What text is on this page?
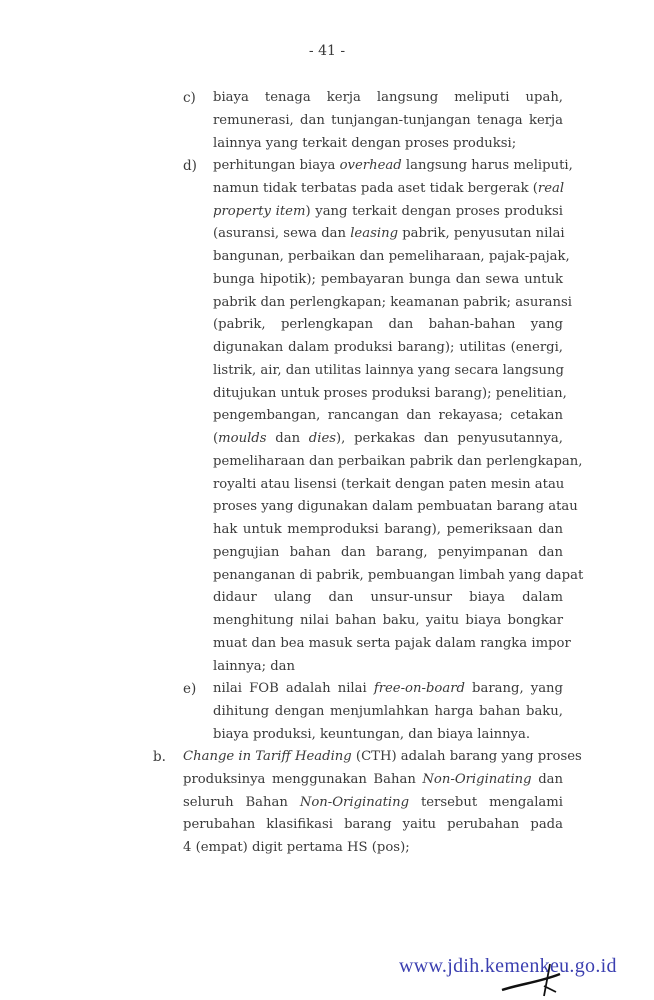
- 41 -
c) biaya tenaga kerja langsung meliputi upah,
remunerasi, dan tunjangan-tunjangan tenaga kerja
lainnya yang terkait dengan proses produksi;
d) perhitungan biaya overhead langsung harus meliputi,
namun tidak terbatas pada aset tidak bergerak (real
property item) yang terkait dengan proses produksi
(asuransi, sewa dan leasing pabrik, penyusutan nilai
bangunan, perbaikan dan pemeliharaan, pajak-pajak,
bunga hipotik); pembayaran bunga dan sewa untuk
pabrik dan perlengkapan; keamanan pabrik; asuransi
(pabrik, perlengkapan dan bahan-bahan yang
digunakan dalam produksi barang); utilitas (energi,
listrik, air, dan utilitas lainnya yang secara langsung
ditujukan untuk proses produksi barang); penelitian,
pengembangan, rancangan dan rekayasa; cetakan
(moulds dan dies), perkakas dan penyusutannya,
pemeliharaan dan perbaikan pabrik dan perlengkapan,
royalti atau lisensi (terkait dengan paten mesin atau
proses yang digunakan dalam pembuatan barang atau
hak untuk memproduksi barang), pemeriksaan dan
pengujian bahan dan barang, penyimpanan dan
penanganan di pabrik, pembuangan limbah yang dapat
didaur ulang dan unsur-unsur biaya dalam
menghitung nilai bahan baku, yaitu biaya bongkar
muat dan bea masuk serta pajak dalam rangka impor
lainnya; dan
e) nilai FOB adalah nilai free-on-board barang, yang
dihitung dengan menjumlahkan harga bahan baku,
biaya produksi, keuntungan, dan biaya lainnya.
b. Change in Tariff Heading (CTH) adalah barang yang proses
produksinya menggunakan Bahan Non-Originating dan
seluruh Bahan Non-Originating tersebut mengalami
perubahan klasifikasi barang yaitu perubahan pada
4 (empat) digit pertama HS (pos);
www.jdih.kemenkeu.go.id
